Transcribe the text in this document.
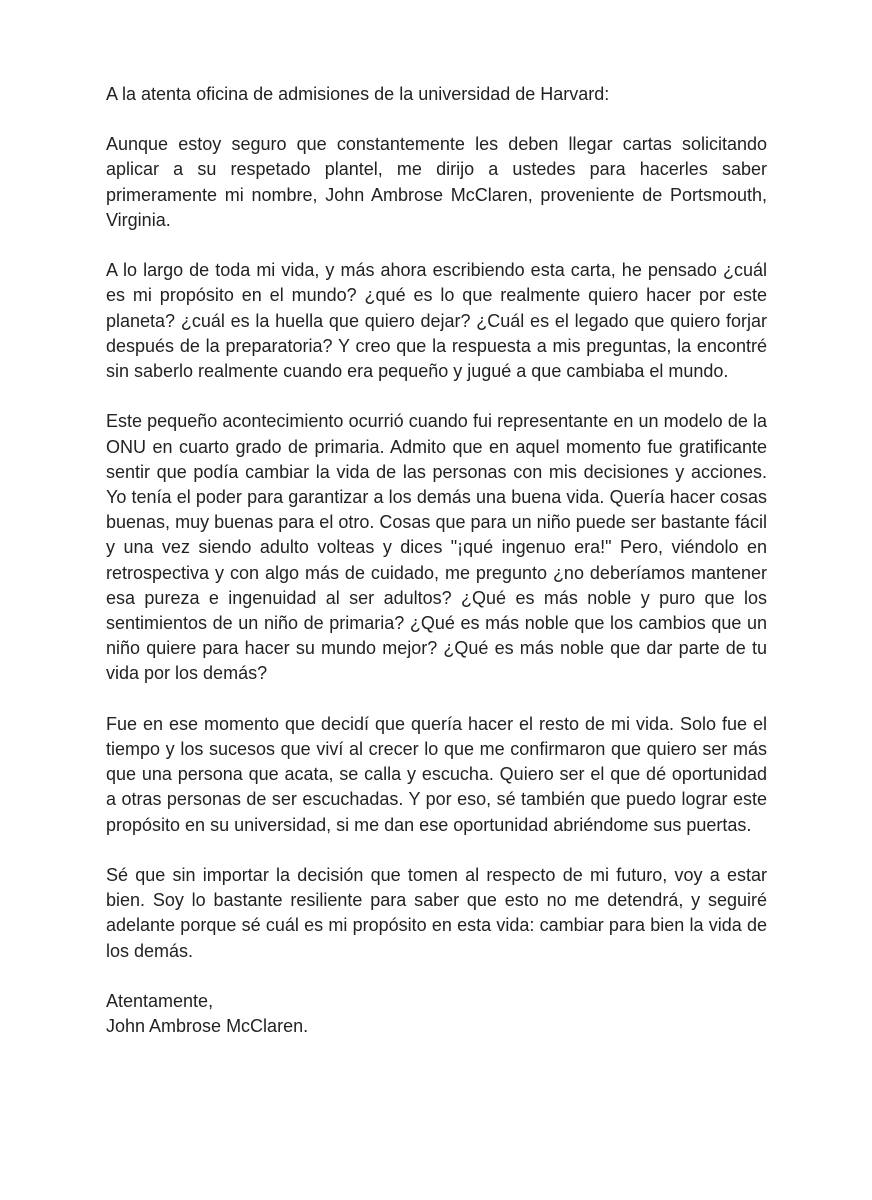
A la atenta oficina de admisiones de la universidad de Harvard:

Aunque estoy seguro que constantemente les deben llegar cartas solicitando aplicar a su respetado plantel, me dirijo a ustedes para hacerles saber primeramente mi nombre, John Ambrose McClaren, proveniente de Portsmouth, Virginia.

A lo largo de toda mi vida, y más ahora escribiendo esta carta, he pensado ¿cuál es mi propósito en el mundo? ¿qué es lo que realmente quiero hacer por este planeta? ¿cuál es la huella que quiero dejar? ¿Cuál es el legado que quiero forjar después de la preparatoria? Y creo que la respuesta a mis preguntas, la encontré sin saberlo realmente cuando era pequeño y jugué a que cambiaba el mundo.

Este pequeño acontecimiento ocurrió cuando fui representante en un modelo de la ONU en cuarto grado de primaria. Admito que en aquel momento fue gratificante sentir que podía cambiar la vida de las personas con mis decisiones y acciones. Yo tenía el poder para garantizar a los demás una buena vida. Quería hacer cosas buenas, muy buenas para el otro. Cosas que para un niño puede ser bastante fácil y una vez siendo adulto volteas y dices "¡qué ingenuo era!" Pero, viéndolo en retrospectiva y con algo más de cuidado, me pregunto ¿no deberíamos mantener esa pureza e ingenuidad al ser adultos? ¿Qué es más noble y puro que los sentimientos de un niño de primaria? ¿Qué es más noble que los cambios que un niño quiere para hacer su mundo mejor? ¿Qué es más noble que dar parte de tu vida por los demás?

Fue en ese momento que decidí que quería hacer el resto de mi vida. Solo fue el tiempo y los sucesos que viví al crecer lo que me confirmaron que quiero ser más que una persona que acata, se calla y escucha. Quiero ser el que dé oportunidad a otras personas de ser escuchadas. Y por eso, sé también que puedo lograr este propósito en su universidad, si me dan ese oportunidad abriéndome sus puertas.

Sé que sin importar la decisión que tomen al respecto de mi futuro, voy a estar bien. Soy lo bastante resiliente para saber que esto no me detendrá, y seguiré adelante porque sé cuál es mi propósito en esta vida: cambiar para bien la vida de los demás.

Atentamente,

John Ambrose McClaren.
